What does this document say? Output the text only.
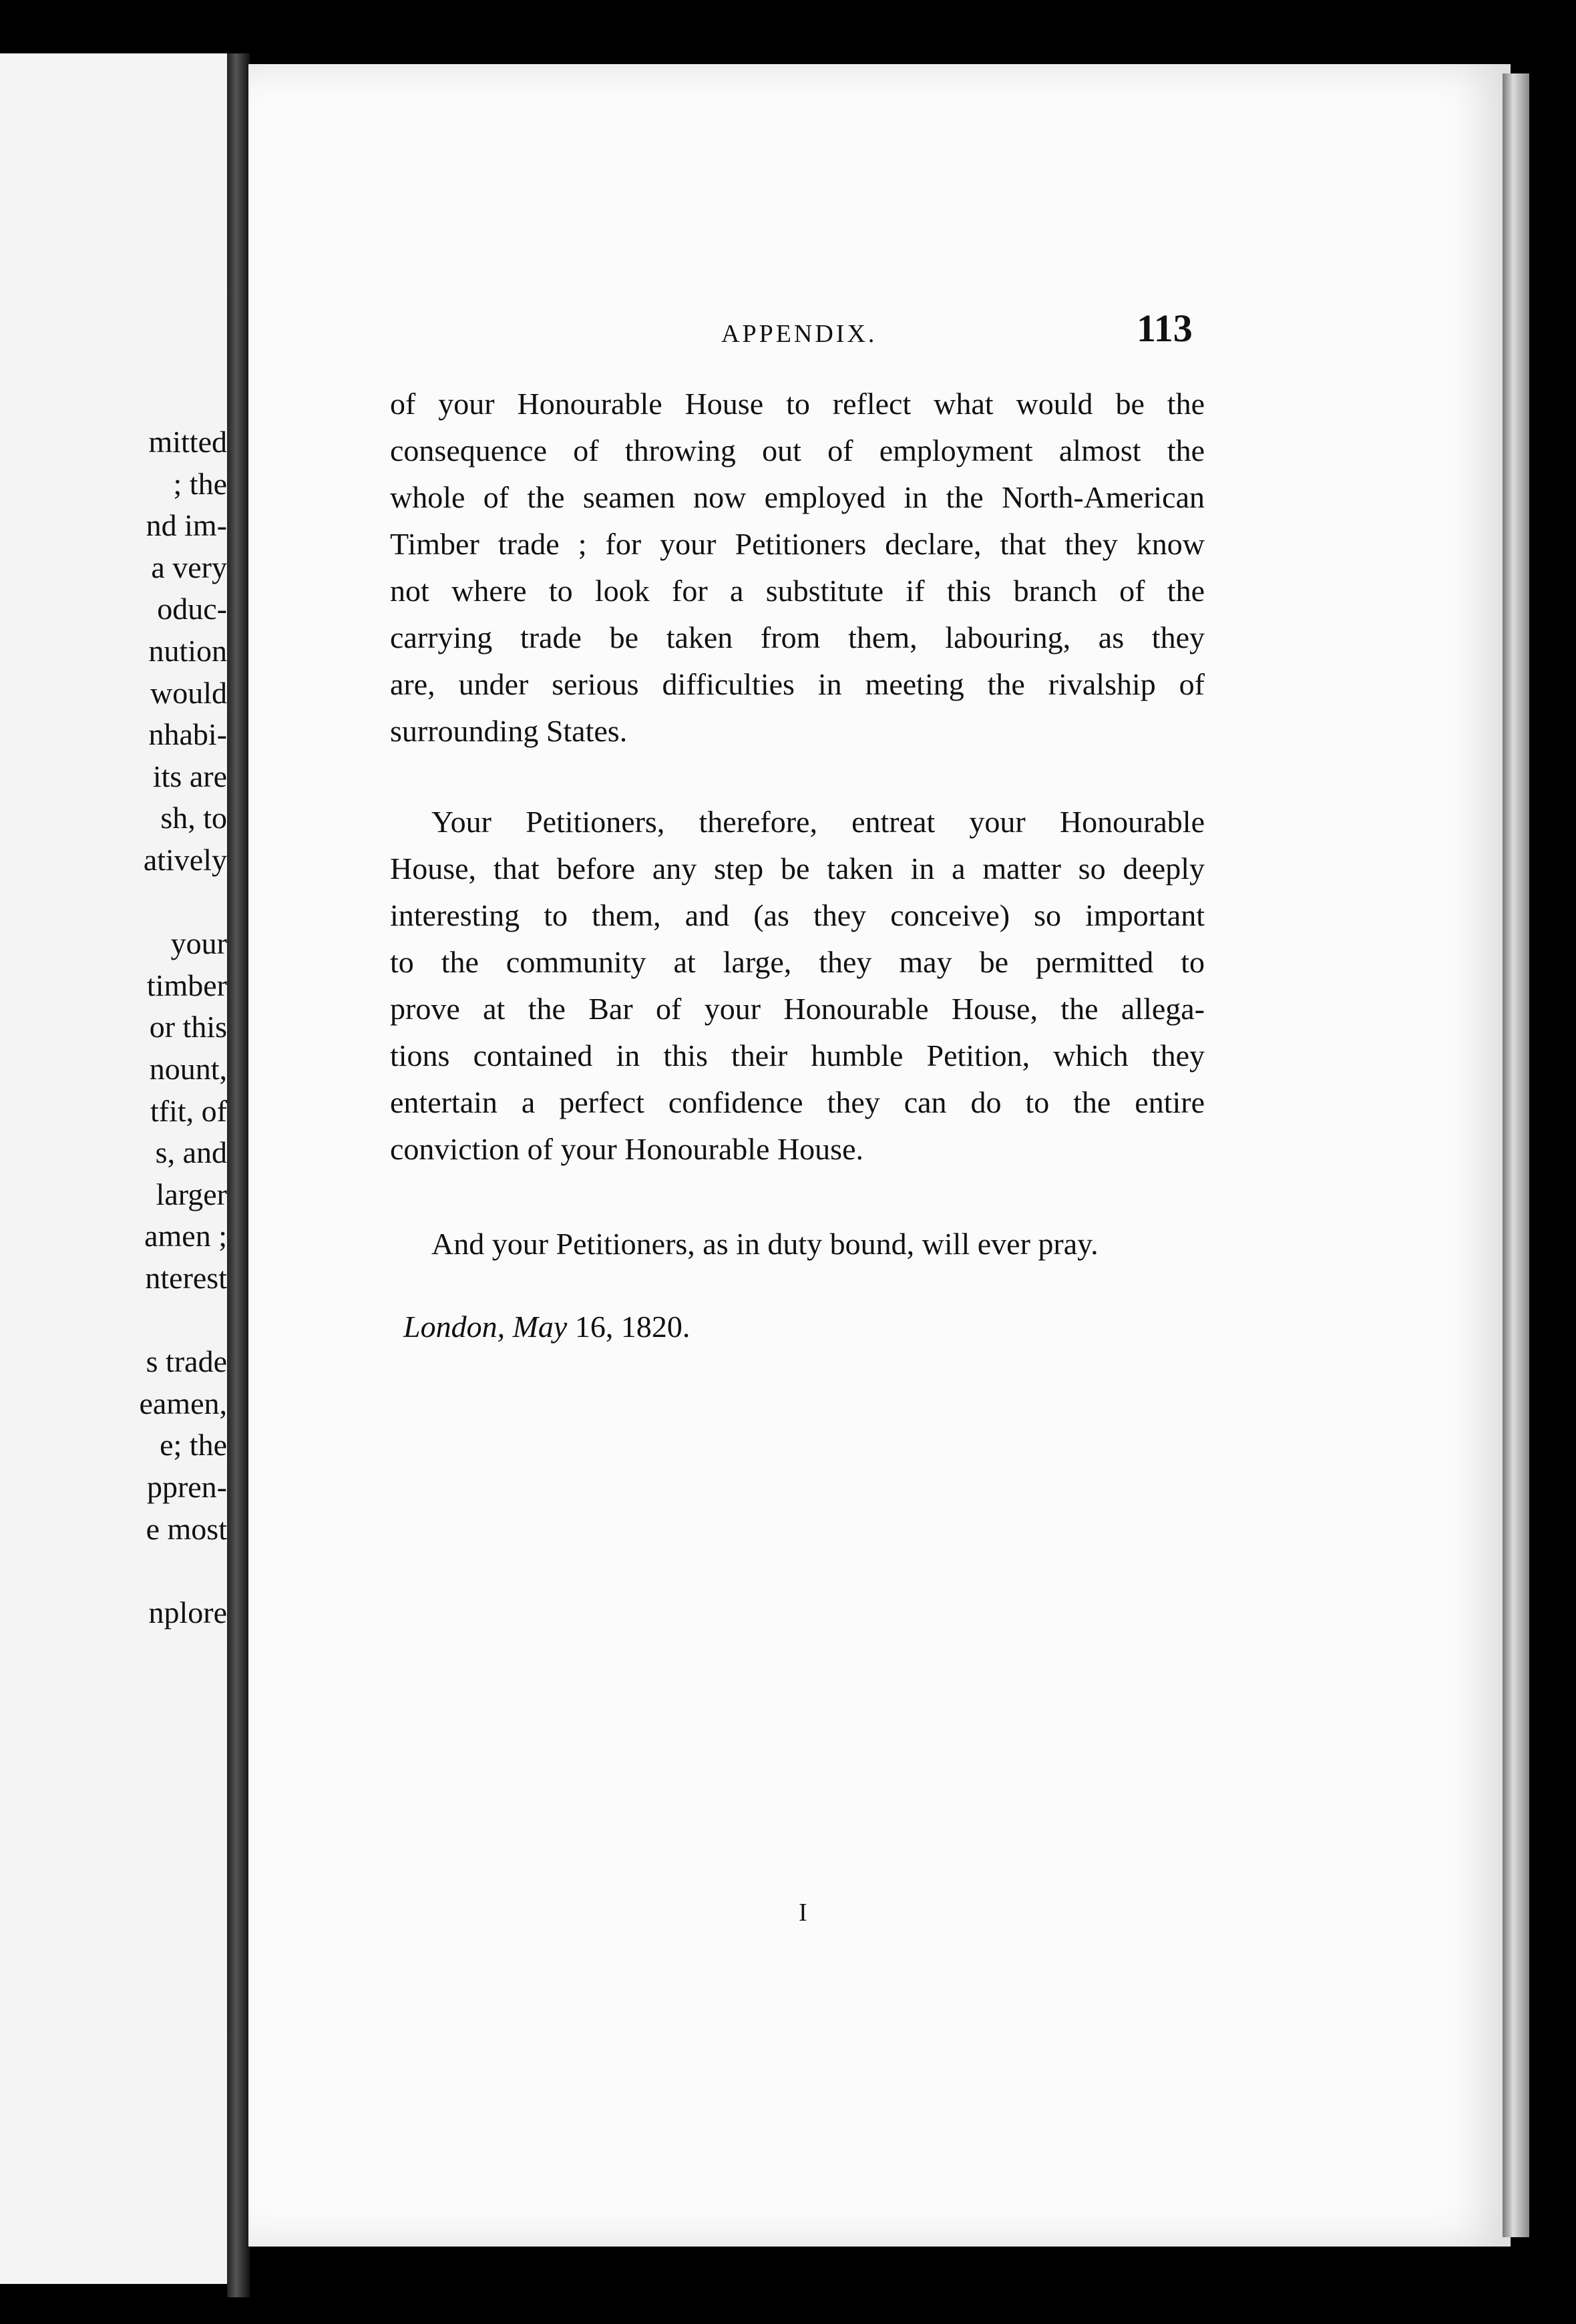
mitted
; the
nd im-
a very
oduc-
nution
would
nhabi-
its are
sh, to
atively
your
timber
or this
nount,
tfit, of
s, and
larger
amen ;
nterest
s trade
eamen,
e; the
ppren-
e most
nplore
APPENDIX.	113

of your Honourable House to reflect what would be the
consequence of throwing out of employment almost the
whole of the seamen now employed in the North-American
Timber trade ; for your Petitioners declare, that they know
not where to look for a substitute if this branch of the
carrying trade be taken from them, labouring, as they
are, under serious difficulties in meeting the rivalship of
surrounding States.

Your Petitioners, therefore, entreat your Honourable
House, that before any step be taken in a matter so deeply
interesting to them, and (as they conceive) so important
to the community at large, they may be permitted to
prove at the Bar of your Honourable House, the allega-
tions contained in this their humble Petition, which they
entertain a perfect confidence they can do to the entire
conviction of your Honourable House.

And your Petitioners, as in duty bound, will ever pray.

London, May 16, 1820.
I
